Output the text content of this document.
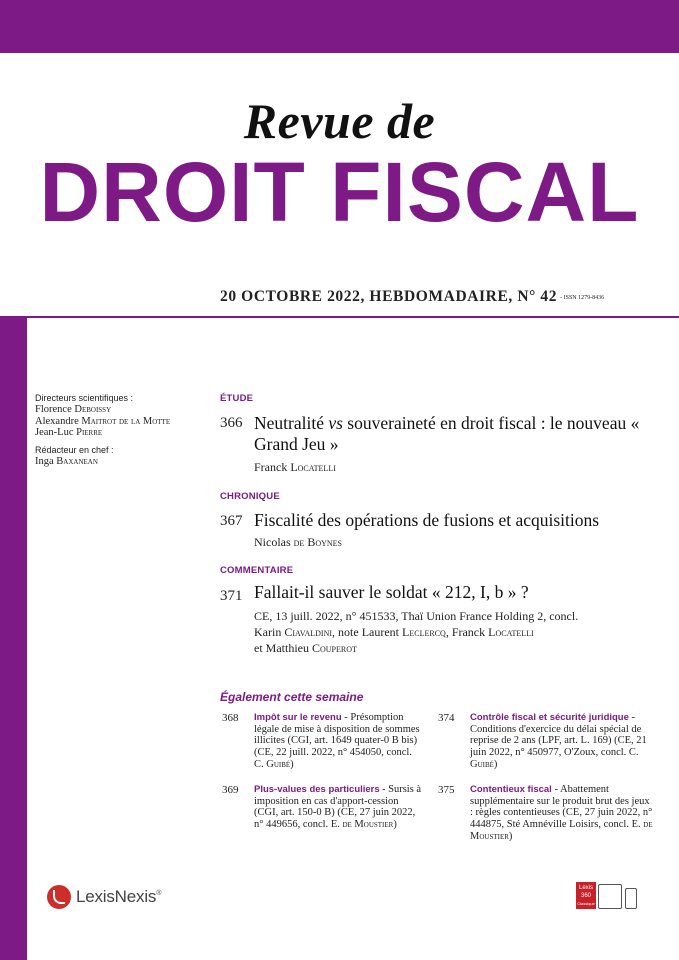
Revue de
DROIT FISCAL
20 OCTOBRE 2022, HEBDOMADAIRE, N° 42 - ISSN 1279-8436
Directeurs scientifiques :
Florence Deboissy
Alexandre Maitrot de la Motte
Jean-Luc Pierre
Rédacteur en chef :
Inga Baxanean
ÉTUDE
366 Neutralité vs souveraineté en droit fiscal : le nouveau « Grand Jeu »
Franck Locatelli
CHRONIQUE
367 Fiscalité des opérations de fusions et acquisitions
Nicolas de Boynes
COMMENTAIRE
371 Fallait-il sauver le soldat « 212, I, b » ?
CE, 13 juill. 2022, n° 451533, Thaï Union France Holding 2, concl.
Karin Ciavaldini, note Laurent Leclercq, Franck Locatelli
et Matthieu Couperot
Également cette semaine
368 Impôt sur le revenu - Présomption légale de mise à disposition de sommes illicites (CGI, art. 1649 quater-0 B bis) (CE, 22 juill. 2022, n° 454050, concl. C. Guibé)
369 Plus-values des particuliers - Sursis à imposition en cas d'apport-cession (CGI, art. 150-0 B) (CE, 27 juin 2022, n° 449656, concl. E. de Moustier)
374 Contrôle fiscal et sécurité juridique - Conditions d'exercice du délai spécial de reprise de 2 ans (LPF, art. L. 169) (CE, 21 juin 2022, n° 450977, O'Zoux, concl. C. Guibé)
375 Contentieux fiscal - Abattement supplémentaire sur le produit brut des jeux : règles contentieuses (CE, 27 juin 2022, n° 444875, Sté Amnéville Loisirs, concl. E. de Moustier)
LexisNexis®
Lexis
360
Classique
